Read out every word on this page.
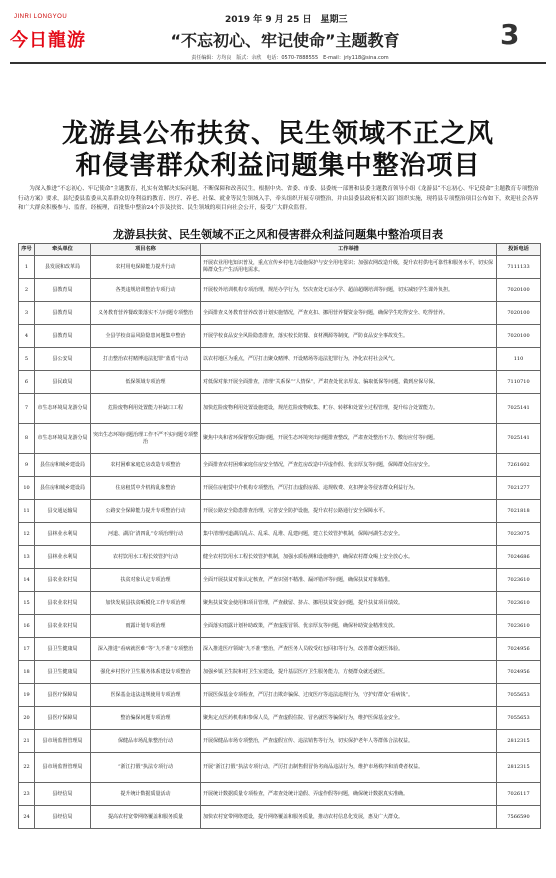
JINRI LONGYOU
今日龍游
2019 年 9 月 25 日　星期三
“不忘初心、牢记使命”主题教育	3
责任编辑：方均良　版式：余欣　电话：0570-7888555　E-mail：jrly118@sina.com
龙游县公布扶贫、民生领域不正之风
和侵害群众利益问题集中整治项目
为深入推进“不忘初心、牢记使命”主题教育，扎实有效解决实际问题，不断保障和改善民生，根据中央、省委、市委、县委统一部署和县委主题教育领导小组《龙游县“不忘初心、牢记使命”主题教育专项整治行动方案》要求，县纪委县监委从关系群众切身利益的教育、医疗、养老、社保、就业等民生领域入手，牵头组织开展专项整治，并由县委县政府相关部门组织实施，现将县专项整治项目公布如下，欢迎社会各界和广大群众积极参与、监督。经梳理，首批集中整治24个涉及扶贫、民生领域的项目向社会公开，接受广大群众监督。
龙游县扶贫、民生领域不正之风和侵害群众利益问题集中整治项目表
序号	牵头单位	项目名称	工作举措	投诉电话
1	县发展和改革局	农村用电保障能力提升行动	开展农业用电知识普及，重点宣传乡村电力设施保护与安全用电常识；加强农网改造升级，提升农村供电可靠性和服务水平，切实保障群众生产生活用电需求。	7111133
2	县教育局	各类违规培训整治专项行动	开展校外培训机构专项治理，规范办学行为，坚决查处无证办学、超前超纲培训等问题，切实减轻学生课外负担。	7020100
3	县教育局	义务教育营养餐政策落实不力问题专项整治	全面排查义务教育营养改善计划实施情况，严查克扣、挪用营养餐资金等问题，确保学生吃得安全、吃得营养。	7020100
4	县教育局	全县学校食品风险隐患问题集中整治	开展学校食品安全风险隐患排查，落实校长陪餐、食材溯源等制度，严防食品安全事故发生。	7020100
5	县公安局	打击整治农村赌博违法犯罪“蓝盾”行动	以农村地区为重点，严厉打击聚众赌博、开设赌场等违法犯罪行为，净化农村社会风气。	110
6	县民政局	低保领域专项治理	对低保对象开展全面排查，清理“关系保”“人情保”，严肃查处优亲厚友、骗取低保等问题，做到应保尽保。	7110710
7	市生态环境局龙游分局	危险废物利用处置能力补缺口工程	加快危险废物利用处置设施建设，规范危险废物收集、贮存、转移和处置全过程管理，提升综合处置能力。	7025141
8	市生态环境局龙游分局	突出生态环境问题治理工作不严不实问题专项整治	聚焦中央和省环保督察反馈问题，开展生态环境突出问题排查整改，严肃查处整治不力、敷衍应付等问题。	7025141
9	县住房和城乡建设局	农村困难家庭危房改造专项整治	全面排查农村困难家庭住房安全情况，严查危房改造中弄虚作假、优亲厚友等问题，保障群众住房安全。	7261602
10	县住房和城乡建设局	住房租赁中介机构乱象整治	开展住房租赁中介机构专项整治，严厉打击虚假房源、违规收费、克扣押金等侵害群众利益行为。	7021277
11	县交通运输局	公路安全保障能力提升专项整治行动	开展公路安全隐患排查治理，完善安全防护设施，提升农村公路通行安全保障水平。	7021818
12	县林业水利局	河道、湖泊“清四乱”专项治理行动	集中清理河道湖泊乱占、乱采、乱堆、乱建问题，建立长效管护机制，保障河湖生态安全。	7023075
13	县林业水利局	农村饮用水工程长效管护行动	健全农村饮用水工程长效管护机制，加强水质检测和设施维护，确保农村群众喝上安全放心水。	7024686
14	县农业农村局	扶贫对象认定专项治理	全面开展扶贫对象认定核查，严查识别不精准、漏评错评等问题，确保扶贫对象精准。	7023610
15	县农业农村局	加快发展县扶贫畈模化工作专项治理	聚焦扶贫资金使用和项目管理，严查截留、挤占、挪用扶贫资金问题，提升扶贫项目绩效。	7023610
16	县农业农村局	雨露计划专项治理	全面落实雨露计划补助政策，严查虚报冒领、优亲厚友等问题，确保补助资金精准发放。	7023610
17	县卫生健康局	深入推进“看病就医难”等“九不准”专项整治	深入推进医疗领域“九不准”整治，严查医务人员收受红包回扣等行为，改善群众就医体验。	7024956
18	县卫生健康局	强化乡村医疗卫生服务体系建设专项整治	加强乡镇卫生院和村卫生室建设，提升基层医疗卫生服务能力，方便群众就近就医。	7024956
19	县医疗保障局	医保基金违法违规使用专项治理	开展医保基金专项检查，严厉打击欺诈骗保、过度医疗等违法违规行为，守护好群众“看病钱”。	7055653
20	县医疗保障局	整治骗保问题专项治理	聚焦定点医药机构和参保人员，严查虚假住院、冒名就医等骗保行为，维护医保基金安全。	7055653
21	县市场监督管理局	保健品市场乱象整治行动	开展保健品市场专项整治，严查虚假宣传、违法销售等行为，切实保护老年人等群体合法权益。	2812315
22	县市场监督管理局	“浙江打假”执法专项行动	开展“浙江打假”执法专项行动，严厉打击制售假冒伪劣商品违法行为，维护市场秩序和消费者权益。	2812315
23	县经信局	提升统计数据质量活动	开展统计数据质量专项检查，严肃查处统计造假、弄虚作假等问题，确保统计数据真实准确。	7026117
24	县经信局	提高农村宽带网络覆盖和服务质量	加快农村宽带网络建设，提升网络覆盖和服务质量，推动农村信息化发展，惠及广大群众。	7566590
